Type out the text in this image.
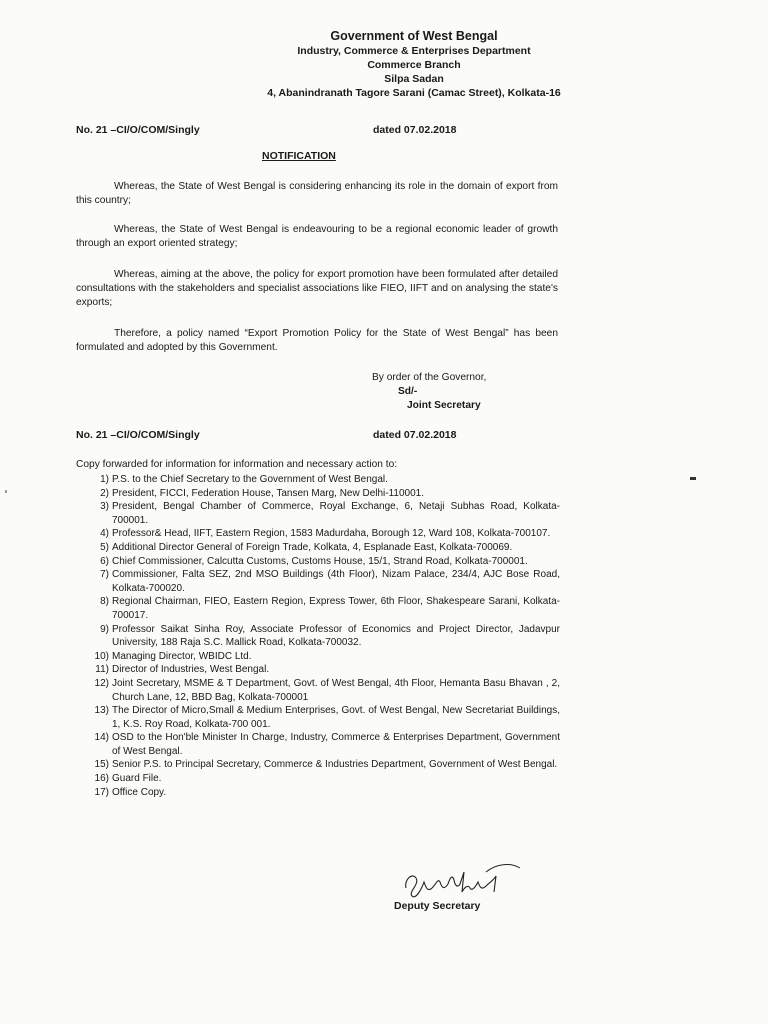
Government of West Bengal
Industry, Commerce & Enterprises Department
Commerce Branch
Silpa Sadan
4, Abanindranath Tagore Sarani (Camac Street), Kolkata-16
No. 21 –CI/O/COM/Singly	dated 07.02.2018
NOTIFICATION

Whereas, the State of West Bengal is considering enhancing its role in the domain of export from this country;

Whereas, the State of West Bengal is endeavouring to be a regional economic leader of growth through an export oriented strategy;

Whereas, aiming at the above, the policy for export promotion have been formulated after detailed consultations with the stakeholders and specialist associations like FIEO, IIFT and on analysing the state's exports;

Therefore, a policy named “Export Promotion Policy for the State of West Bengal” has been formulated and adopted by this Government.

By order of the Governor,
Sd/-
Joint Secretary
No. 21 –CI/O/COM/Singly	dated 07.02.2018
Copy forwarded for information for information and necessary action to:
1) P.S. to the Chief Secretary to the Government of West Bengal.
2) President, FICCI, Federation House, Tansen Marg, New Delhi-110001.
3) President, Bengal Chamber of Commerce, Royal Exchange, 6, Netaji Subhas Road, Kolkata-700001.
4) Professor& Head, IIFT, Eastern Region, 1583 Madurdaha, Borough 12, Ward 108, Kolkata-700107.
5) Additional Director General of Foreign Trade, Kolkata, 4, Esplanade East, Kolkata-700069.
6) Chief Commissioner, Calcutta Customs, Customs House, 15/1, Strand Road, Kolkata-700001.
7) Commissioner, Falta SEZ, 2nd MSO Buildings (4th Floor), Nizam Palace, 234/4, AJC Bose Road, Kolkata-700020.
8) Regional Chairman, FIEO, Eastern Region, Express Tower, 6th Floor, Shakespeare Sarani, Kolkata-700017.
9) Professor Saikat Sinha Roy, Associate Professor of Economics and Project Director, Jadavpur University, 188 Raja S.C. Mallick Road, Kolkata-700032.
10) Managing Director, WBIDC Ltd.
11) Director of Industries, West Bengal.
12) Joint Secretary, MSME & T Department, Govt. of West Bengal, 4th Floor, Hemanta Basu Bhavan , 2, Church Lane, 12, BBD Bag, Kolkata-700001
13) The Director of Micro,Small & Medium Enterprises, Govt. of West Bengal, New Secretariat Buildings, 1, K.S. Roy Road, Kolkata-700 001.
14) OSD to the Hon'ble Minister In Charge, Industry, Commerce & Enterprises Department, Government of West Bengal.
15) Senior P.S. to Principal Secretary, Commerce & Industries Department, Government of West Bengal.
16) Guard File.
17) Office Copy.
Deputy Secretary
